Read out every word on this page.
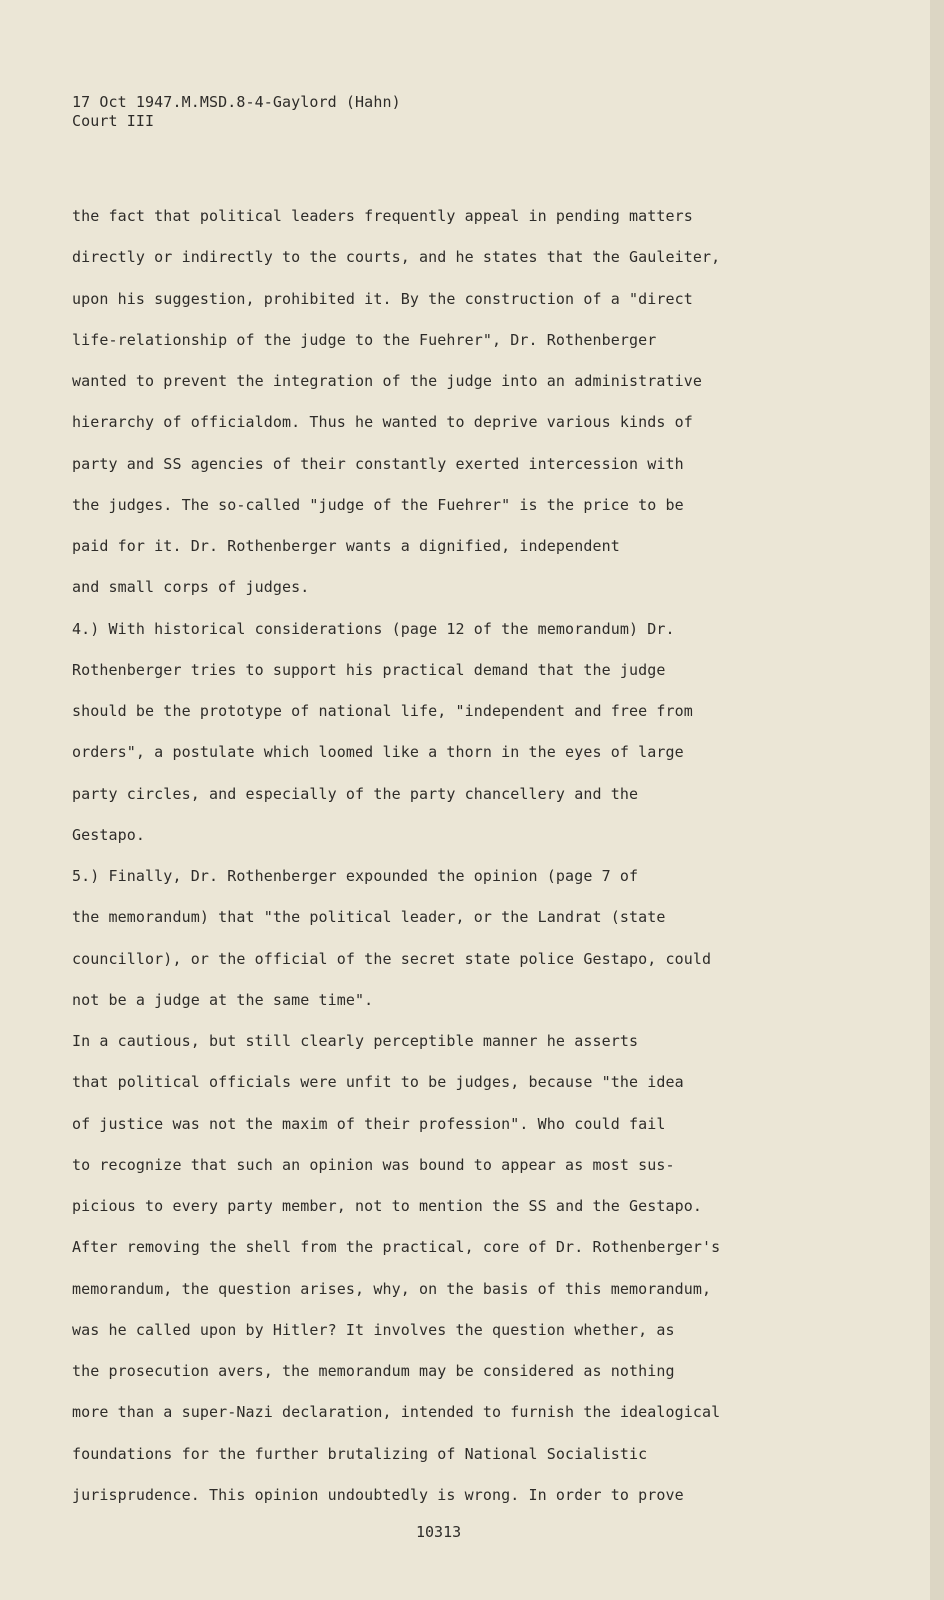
17 Oct 1947.M.MSD.8-4-Gaylord (Hahn)
Court III
the fact that political leaders frequently appeal in pending matters
directly or indirectly to the courts, and he states that the Gauleiter,
upon his suggestion, prohibited it. By the construction of a "direct
life-relationship of the judge to the Fuehrer", Dr. Rothenberger
wanted to prevent the integration of the judge into an administrative
hierarchy of officialdom. Thus he wanted to deprive various kinds of
party and SS agencies of their constantly exerted intercession with
the judges. The so-called "judge of the Fuehrer" is the price to be
paid for it. Dr. Rothenberger wants a dignified, independent
and small corps of judges.
4.) With historical considerations (page 12 of the memorandum) Dr.
Rothenberger tries to support his practical demand that the judge
should be the prototype of national life, "independent and free from
orders", a postulate which loomed like a thorn in the eyes of large
party circles, and especially of the party chancellery and the
Gestapo.
5.) Finally, Dr. Rothenberger expounded the opinion (page 7 of
the memorandum) that "the political leader, or the Landrat (state
councillor), or the official of the secret state police Gestapo, could
not be a judge at the same time".
In a cautious, but still clearly perceptible manner he asserts
that political officials were unfit to be judges, because "the idea
of justice was not the maxim of their profession". Who could fail
to recognize that such an opinion was bound to appear as most sus-
picious to every party member, not to mention the SS and the Gestapo.
After removing the shell from the practical, core of Dr. Rothenberger's
memorandum, the question arises, why, on the basis of this memorandum,
was he called upon by Hitler? It involves the question whether, as
the prosecution avers, the memorandum may be considered as nothing
more than a super-Nazi declaration, intended to furnish the idealogical
foundations for the further brutalizing of National Socialistic
jurisprudence. This opinion undoubtedly is wrong. In order to prove
10313
